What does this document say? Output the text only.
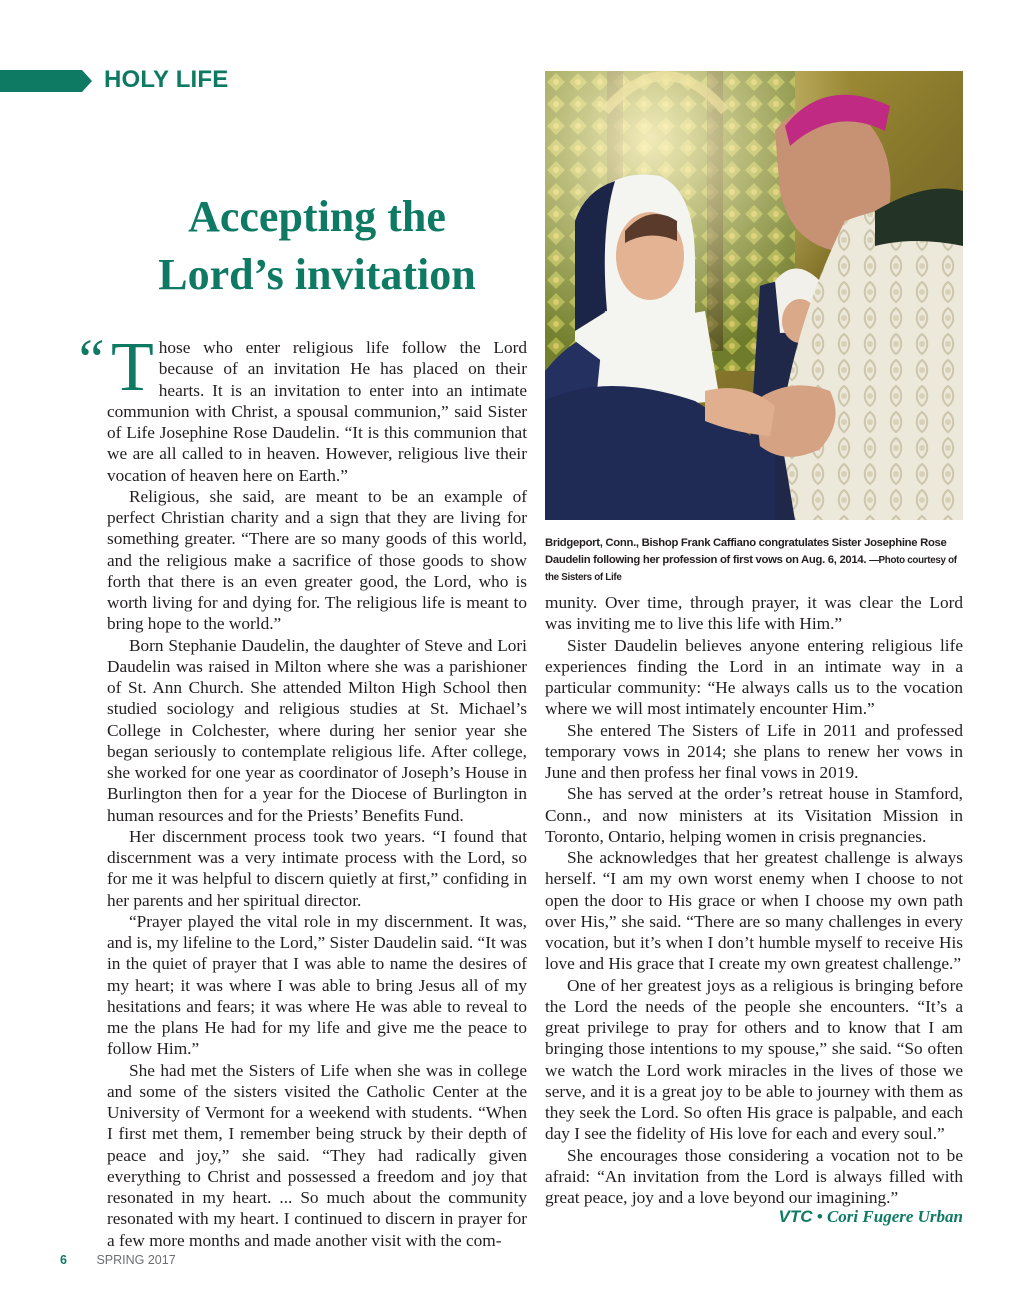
HOLY LIFE
Accepting the
Lord’s invitation

“ T hose who enter religious life follow the Lord because of an invitation He has placed on their hearts. It is an invitation to enter into an intimate communion with Christ, a spousal communion,” said Sister of Life Josephine Rose Daudelin. “It is this communion that we are all called to in heaven. However, religious live their vocation of heaven here on Earth.”

Religious, she said, are meant to be an example of perfect Christian charity and a sign that they are living for something greater. “There are so many goods of this world, and the religious make a sacrifice of those goods to show forth that there is an even greater good, the Lord, who is worth living for and dying for. The religious life is meant to bring hope to the world.”

Born Stephanie Daudelin, the daughter of Steve and Lori Daudelin was raised in Milton where she was a parishioner of St. Ann Church. She attended Milton High School then studied sociology and religious studies at St. Michael’s College in Colchester, where during her senior year she began seriously to contemplate religious life. After college, she worked for one year as coordinator of Joseph’s House in Burlington then for a year for the Diocese of Burlington in human resources and for the Priests’ Benefits Fund.

Her discernment process took two years. “I found that discernment was a very intimate process with the Lord, so for me it was helpful to discern quietly at first,” confiding in her parents and her spiritual director.

“Prayer played the vital role in my discernment. It was, and is, my lifeline to the Lord,” Sister Daudelin said. “It was in the quiet of prayer that I was able to name the desires of my heart; it was where I was able to bring Jesus all of my hesitations and fears; it was where He was able to reveal to me the plans He had for my life and give me the peace to follow Him.”

She had met the Sisters of Life when she was in college and some of the sisters visited the Catholic Center at the University of Vermont for a weekend with students. “When I first met them, I remember being struck by their depth of peace and joy,” she said. “They had radically given everything to Christ and possessed a freedom and joy that resonated in my heart. ... So much about the community resonated with my heart. I continued to discern in prayer for a few more months and made another visit with the com-

Bridgeport, Conn., Bishop Frank Caffiano congratulates Sister Josephine Rose Daudelin following her profession of first vows on Aug. 6, 2014. —Photo courtesy of the Sisters of Life

munity. Over time, through prayer, it was clear the Lord was inviting me to live this life with Him.”

Sister Daudelin believes anyone entering religious life experiences finding the Lord in an intimate way in a particular community: “He always calls us to the vocation where we will most intimately encounter Him.”

She entered The Sisters of Life in 2011 and professed temporary vows in 2014; she plans to renew her vows in June and then profess her final vows in 2019.

She has served at the order’s retreat house in Stamford, Conn., and now ministers at its Visitation Mission in Toronto, Ontario, helping women in crisis pregnancies.

She acknowledges that her greatest challenge is always herself. “I am my own worst enemy when I choose to not open the door to His grace or when I choose my own path over His,” she said. “There are so many challenges in every vocation, but it’s when I don’t humble myself to receive His love and His grace that I create my own greatest challenge.”

One of her greatest joys as a religious is bringing before the Lord the needs of the people she encounters. “It’s a great privilege to pray for others and to know that I am bringing those intentions to my spouse,” she said. “So often we watch the Lord work miracles in the lives of those we serve, and it is a great joy to be able to journey with them as they seek the Lord. So often His grace is palpable, and each day I see the fidelity of His love for each and every soul.”

She encourages those considering a vocation not to be afraid: “An invitation from the Lord is always filled with great peace, joy and a love beyond our imagining.”

VTC • Cori Fugere Urban
6 SPRING 2017
